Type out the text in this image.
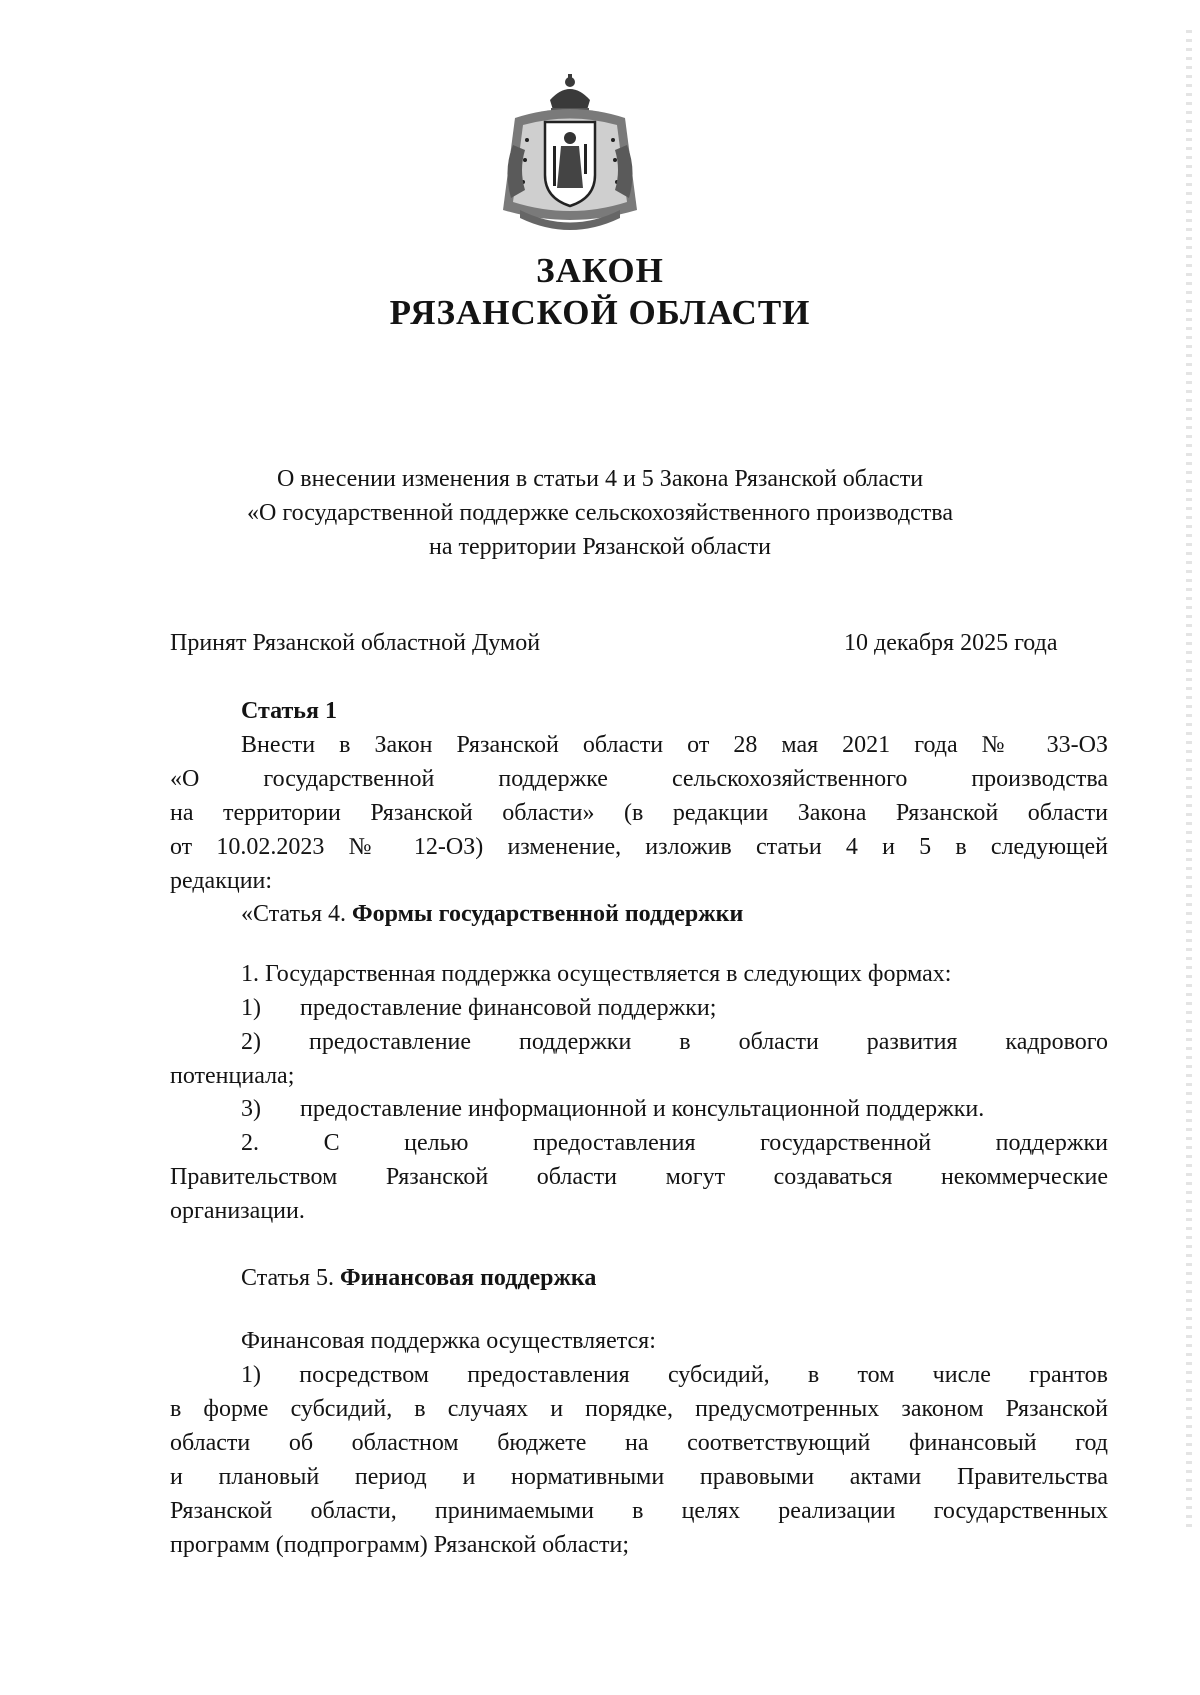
ЗАКОН
РЯЗАНСКОЙ ОБЛАСТИ
О внесении изменения в статьи 4 и 5 Закона Рязанской области
«О государственной поддержке сельскохозяйственного производства
на территории Рязанской области
Принят Рязанской областной Думой	10 декабря 2025 года
Статья 1
Внести в Закон Рязанской области от 28 мая 2021 года № 33-ОЗ
«О государственной поддержке сельскохозяйственного производства
на территории Рязанской области» (в редакции Закона Рязанской области
от 10.02.2023 № 12-ОЗ) изменение, изложив статьи 4 и 5 в следующей
редакции:
«Статья 4. Формы государственной поддержки
1. Государственная поддержка осуществляется в следующих формах:
1) предоставление финансовой поддержки;
2) предоставление поддержки в области развития кадрового
потенциала;
3) предоставление информационной и консультационной поддержки.
2. С целью предоставления государственной поддержки
Правительством Рязанской области могут создаваться некоммерческие
организации.
Статья 5. Финансовая поддержка
Финансовая поддержка осуществляется:
1) посредством предоставления субсидий, в том числе грантов
в форме субсидий, в случаях и порядке, предусмотренных законом Рязанской
области об областном бюджете на соответствующий финансовый год
и плановый период и нормативными правовыми актами Правительства
Рязанской области, принимаемыми в целях реализации государственных
программ (подпрограмм) Рязанской области;
